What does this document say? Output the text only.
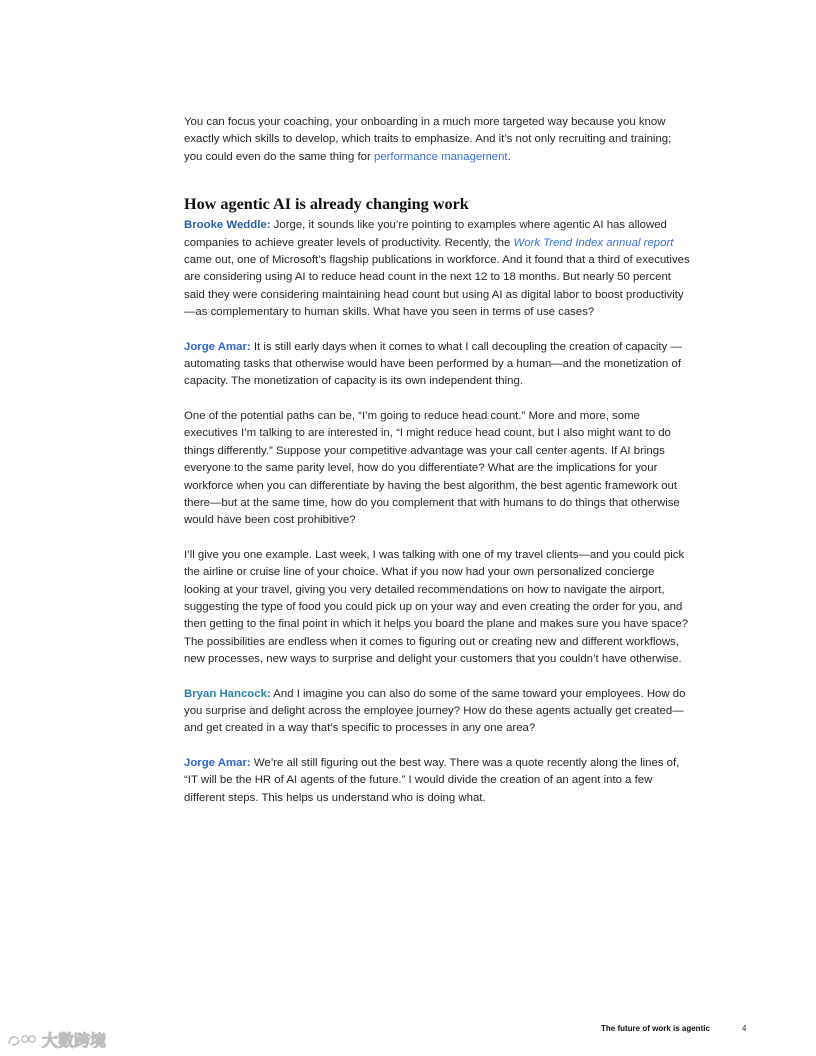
You can focus your coaching, your onboarding in a much more targeted way because you know exactly which skills to develop, which traits to emphasize. And it’s not only recruiting and training; you could even do the same thing for performance management.

How agentic AI is already changing work

Brooke Weddle: Jorge, it sounds like you’re pointing to examples where agentic AI has allowed companies to achieve greater levels of productivity. Recently, the Work Trend Index annual report came out, one of Microsoft’s flagship publications in workforce. And it found that a third of executives are considering using AI to reduce head count in the next 12 to 18 months. But nearly 50 percent said they were considering maintaining head count but using AI as digital labor to boost productivity—as complementary to human skills. What have you seen in terms of use cases?

Jorge Amar: It is still early days when it comes to what I call decoupling the creation of capacity —automating tasks that otherwise would have been performed by a human—and the monetization of capacity. The monetization of capacity is its own independent thing.

One of the potential paths can be, “I’m going to reduce head count.” More and more, some executives I’m talking to are interested in, “I might reduce head count, but I also might want to do things differently.” Suppose your competitive advantage was your call center agents. If AI brings everyone to the same parity level, how do you differentiate? What are the implications for your workforce when you can differentiate by having the best algorithm, the best agentic framework out there—but at the same time, how do you complement that with humans to do things that otherwise would have been cost prohibitive?

I’ll give you one example. Last week, I was talking with one of my travel clients—and you could pick the airline or cruise line of your choice. What if you now had your own personalized concierge looking at your travel, giving you very detailed recommendations on how to navigate the airport, suggesting the type of food you could pick up on your way and even creating the order for you, and then getting to the final point in which it helps you board the plane and makes sure you have space? The possibilities are endless when it comes to figuring out or creating new and different workflows, new processes, new ways to surprise and delight your customers that you couldn’t have otherwise.

Bryan Hancock: And I imagine you can also do some of the same toward your employees. How do you surprise and delight across the employee journey? How do these agents actually get created—and get created in a way that’s specific to processes in any one area?

Jorge Amar: We’re all still figuring out the best way. There was a quote recently along the lines of, “IT will be the HR of AI agents of the future.” I would divide the creation of an agent into a few different steps. This helps us understand who is doing what.

The future of work is agentic	4
大數跨境
